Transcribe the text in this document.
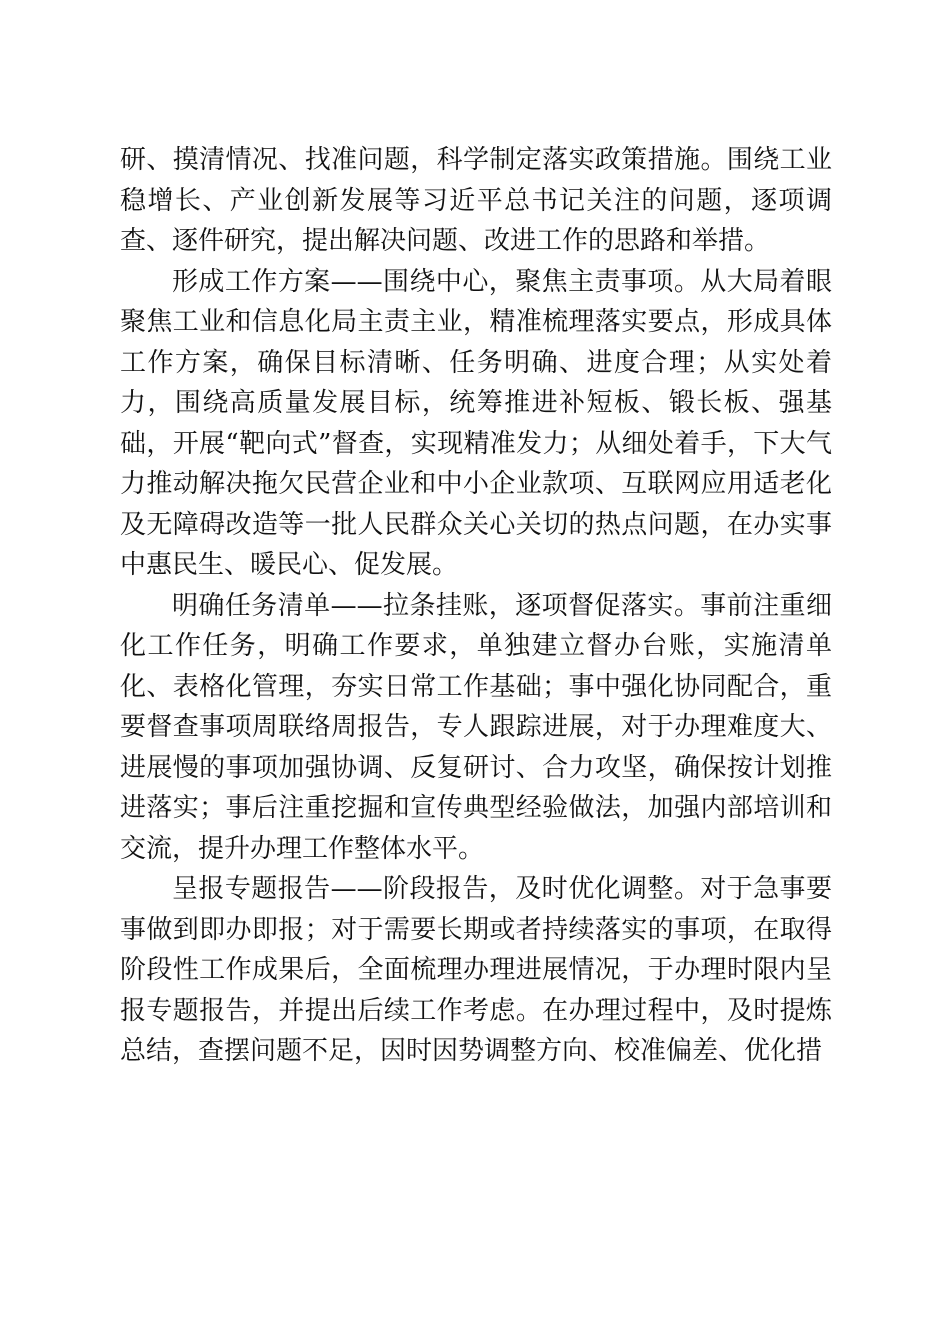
研、摸清情况、找准问题，科学制定落实政策措施。围绕工业稳增长、产业创新发展等习近平总书记关注的问题，逐项调查、逐件研究，提出解决问题、改进工作的思路和举措。

形成工作方案——围绕中心，聚焦主责事项。从大局着眼聚焦工业和信息化局主责主业，精准梳理落实要点，形成具体工作方案，确保目标清晰、任务明确、进度合理；从实处着力，围绕高质量发展目标，统筹推进补短板、锻长板、强基础，开展“靶向式”督查，实现精准发力；从细处着手，下大气力推动解决拖欠民营企业和中小企业款项、互联网应用适老化及无障碍改造等一批人民群众关心关切的热点问题，在办实事中惠民生、暖民心、促发展。

明确任务清单——拉条挂账，逐项督促落实。事前注重细化工作任务，明确工作要求，单独建立督办台账，实施清单化、表格化管理，夯实日常工作基础；事中强化协同配合，重要督查事项周联络周报告，专人跟踪进展，对于办理难度大、进展慢的事项加强协调、反复研讨、合力攻坚，确保按计划推进落实；事后注重挖掘和宣传典型经验做法，加强内部培训和交流，提升办理工作整体水平。

呈报专题报告——阶段报告，及时优化调整。对于急事要事做到即办即报；对于需要长期或者持续落实的事项，在取得阶段性工作成果后，全面梳理办理进展情况，于办理时限内呈报专题报告，并提出后续工作考虑。在办理过程中，及时提炼总结，查摆问题不足，因时因势调整方向、校准偏差、优化措
